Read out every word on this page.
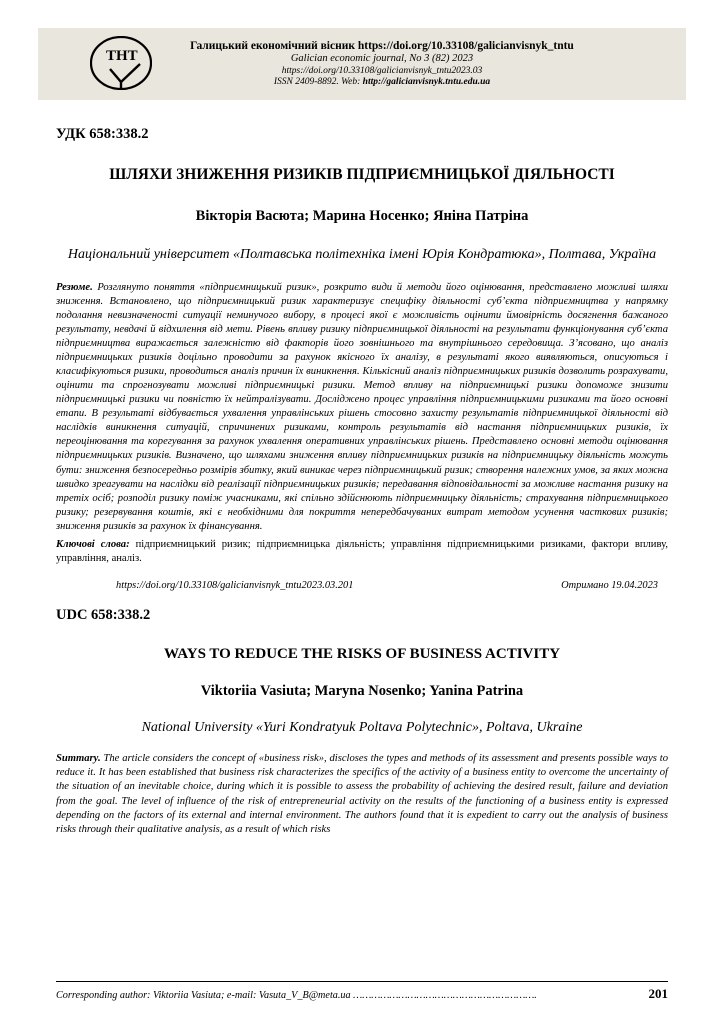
ТНТ
Галицький економічний вісник https://doi.org/10.33108/galicianvisnyk_tntu
Galician economic journal, No 3 (82) 2023
https://doi.org/10.33108/galicianvisnyk_tntu2023.03
ISSN 2409-8892. Web: http://galicianvisnyk.tntu.edu.ua
УДК 658:338.2
ШЛЯХИ ЗНИЖЕННЯ РИЗИКІВ ПІДПРИЄМНИЦЬКОЇ ДІЯЛЬНОСТІ
Вікторія Васюта; Марина Носенко; Яніна Патріна
Національний університет «Полтавська політехніка імені Юрія Кондратюка», Полтава, Україна
Резюме. Розглянуто поняття «підприємницький ризик», розкрито види й методи його оцінювання, представлено можливі шляхи зниження. Встановлено, що підприємницький ризик характеризує специфіку діяльності суб’єкта підприємництва у напрямку подолання невизначеності ситуації неминучого вибору, в процесі якої є можливість оцінити ймовірність досягнення бажаного результату, невдачі й відхилення від мети. Рівень впливу ризику підприємницької діяльності на результати функціонування суб’єкта підприємництва виражається залежністю від факторів його зовнішнього та внутрішнього середовища. З’ясовано, що аналіз підприємницьких ризиків доцільно проводити за рахунок якісного їх аналізу, в результаті якого виявляються, описуються і класифікуються ризики, проводиться аналіз причин їх виникнення. Кількісний аналіз підприємницьких ризиків дозволить розрахувати, оцінити та спрогнозувати можливі підприємницькі ризики. Метод впливу на підприємницькі ризики допоможе знизити підприємницькі ризики чи повністю їх нейтралізувати. Досліджено процес управління підприємницькими ризиками та його основні етапи. В результаті відбувається ухвалення управлінських рішень стосовно захисту результатів підприємницької діяльності від наслідків виникнення ситуацій, спричинених ризиками, контроль результатів від настання підприємницьких ризиків, їх переоцінювання та корегування за рахунок ухвалення оперативних управлінських рішень. Представлено основні методи оцінювання підприємницьких ризиків. Визначено, що шляхами зниження впливу підприємницьких ризиків на підприємницьку діяльність можуть бути: зниження безпосередньо розмірів збитку, який виникає через підприємницький ризик; створення належних умов, за яких можна швидко зреагувати на наслідки від реалізації підприємницьких ризиків; передавання відповідальності за можливе настання ризику на третіх осіб; розподіл ризику поміж учасниками, які спільно здійснюють підприємницьку діяльність; страхування підприємницького ризику; резервування коштів, які є необхідними для покриття непередбачуваних витрат методом усунення часткових ризиків; зниження ризиків за рахунок їх фінансування.
Ключові слова: підприємницький ризик; підприємницька діяльність; управління підприємницькими ризиками, фактори впливу, управління, аналіз.
https://doi.org/10.33108/galicianvisnyk_tntu2023.03.201	Отримано 19.04.2023
UDC 658:338.2
WAYS TO REDUCE THE RISKS OF BUSINESS ACTIVITY
Viktoriia Vasiuta; Maryna Nosenko; Yanina Patrina
National University «Yuri Kondratyuk Poltava Polytechnic», Poltava, Ukraine
Summary. The article considers the concept of «business risk», discloses the types and methods of its assessment and presents possible ways to reduce it. It has been established that business risk characterizes the specifics of the activity of a business entity to overcome the uncertainty of the situation of an inevitable choice, during which it is possible to assess the probability of achieving the desired result, failure and deviation from the goal. The level of influence of the risk of entrepreneurial activity on the results of the functioning of a business entity is expressed depending on the factors of its external and internal environment. The authors found that it is expedient to carry out the analysis of business risks through their qualitative analysis, as a result of which risks
Corresponding author: Viktoriia Vasiuta; e-mail: Vasuta_V_B@meta.ua …………………………………………………….	201
